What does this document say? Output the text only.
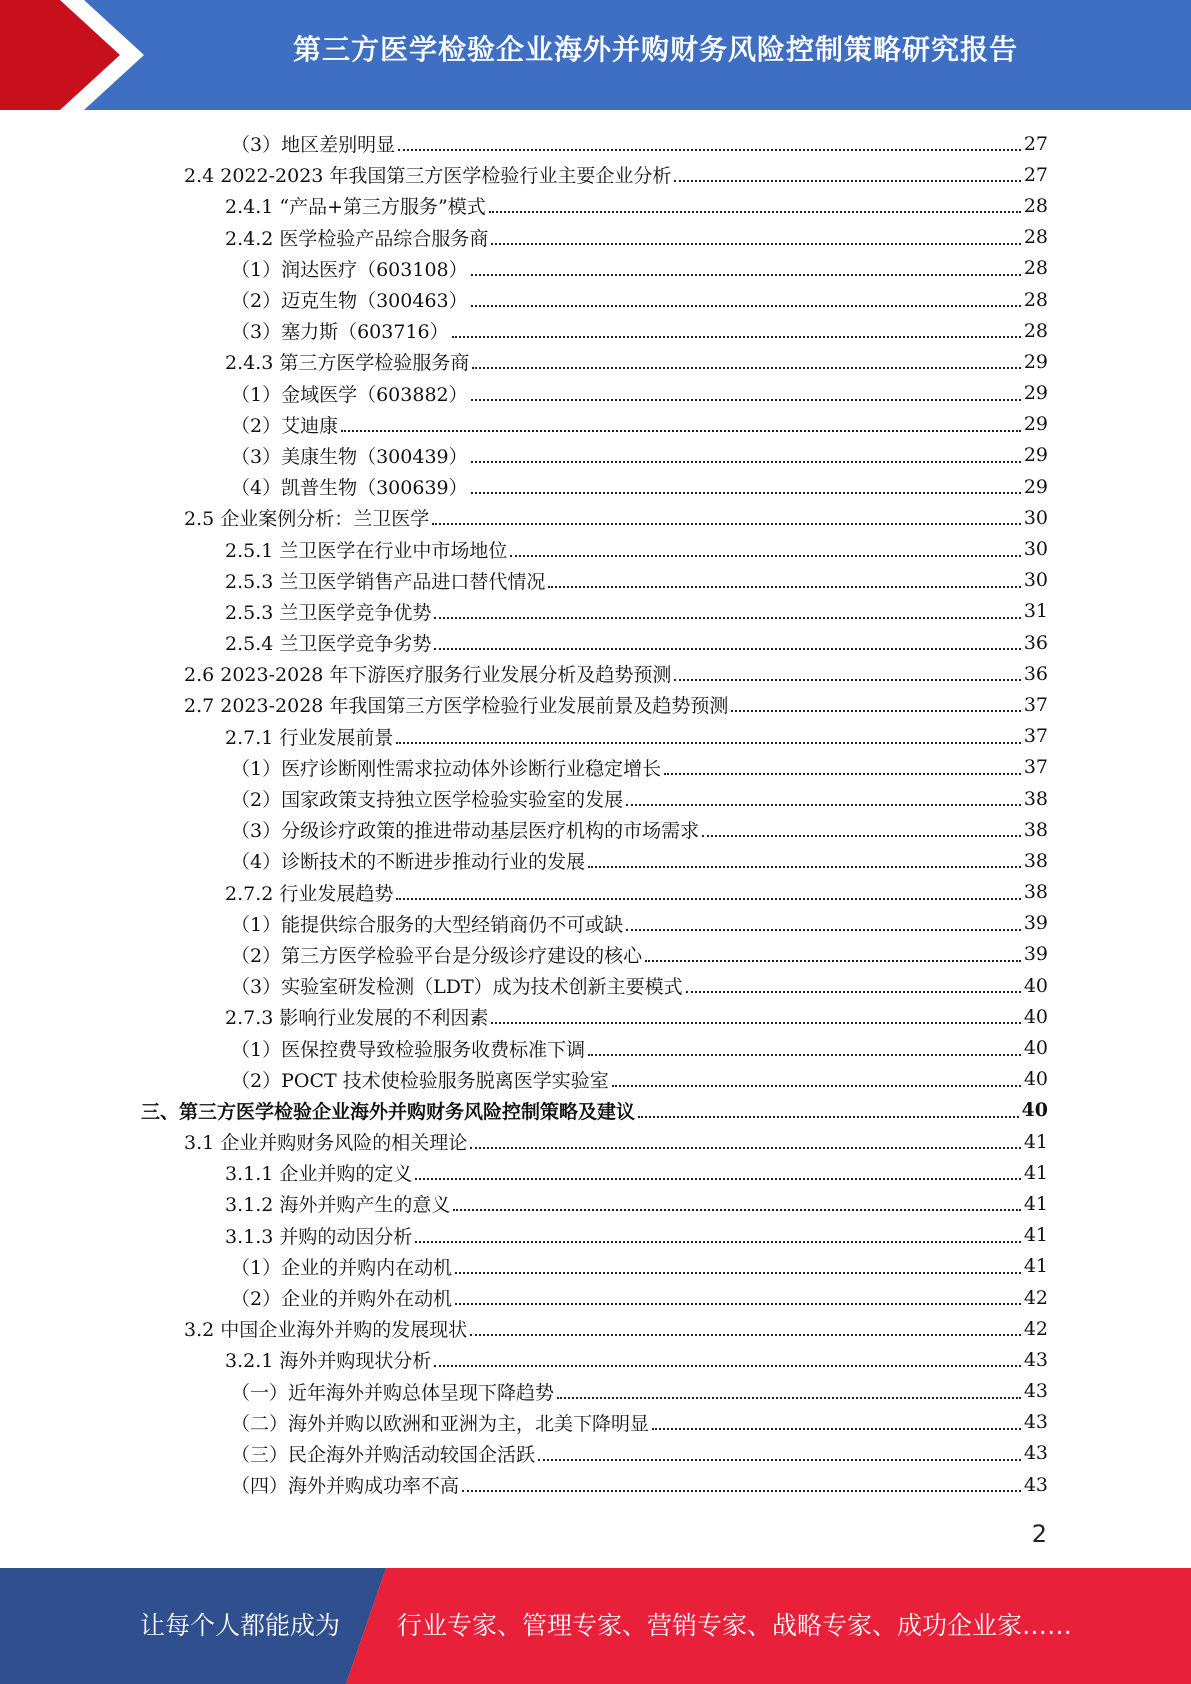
第三方医学检验企业海外并购财务风险控制策略研究报告
（3）地区差别明显	27
2.4 2022-2023 年我国第三方医学检验行业主要企业分析	27
2.4.1 “产品+第三方服务”模式	28
2.4.2 医学检验产品综合服务商	28
（1）润达医疗（603108）	28
（2）迈克生物（300463）	28
（3）塞力斯（603716）	28
2.4.3 第三方医学检验服务商	29
（1）金域医学（603882）	29
（2）艾迪康	29
（3）美康生物（300439）	29
（4）凯普生物（300639）	29
2.5 企业案例分析：兰卫医学	30
2.5.1 兰卫医学在行业中市场地位	30
2.5.3 兰卫医学销售产品进口替代情况	30
2.5.3 兰卫医学竞争优势	31
2.5.4 兰卫医学竞争劣势	36
2.6 2023-2028 年下游医疗服务行业发展分析及趋势预测	36
2.7 2023-2028 年我国第三方医学检验行业发展前景及趋势预测	37
2.7.1 行业发展前景	37
（1）医疗诊断刚性需求拉动体外诊断行业稳定增长	37
（2）国家政策支持独立医学检验实验室的发展	38
（3）分级诊疗政策的推进带动基层医疗机构的市场需求	38
（4）诊断技术的不断进步推动行业的发展	38
2.7.2 行业发展趋势	38
（1）能提供综合服务的大型经销商仍不可或缺	39
（2）第三方医学检验平台是分级诊疗建设的核心	39
（3）实验室研发检测（LDT）成为技术创新主要模式	40
2.7.3 影响行业发展的不利因素	40
（1）医保控费导致检验服务收费标准下调	40
（2）POCT 技术使检验服务脱离医学实验室	40
三、第三方医学检验企业海外并购财务风险控制策略及建议	40
3.1 企业并购财务风险的相关理论	41
3.1.1 企业并购的定义	41
3.1.2 海外并购产生的意义	41
3.1.3 并购的动因分析	41
（1）企业的并购内在动机	41
（2）企业的并购外在动机	42
3.2 中国企业海外并购的发展现状	42
3.2.1 海外并购现状分析	43
（一）近年海外并购总体呈现下降趋势	43
（二）海外并购以欧洲和亚洲为主，北美下降明显	43
（三）民企海外并购活动较国企活跃	43
（四）海外并购成功率不高	43
2
让每个人都能成为 行业专家、管理专家、营销专家、战略专家、成功企业家……
